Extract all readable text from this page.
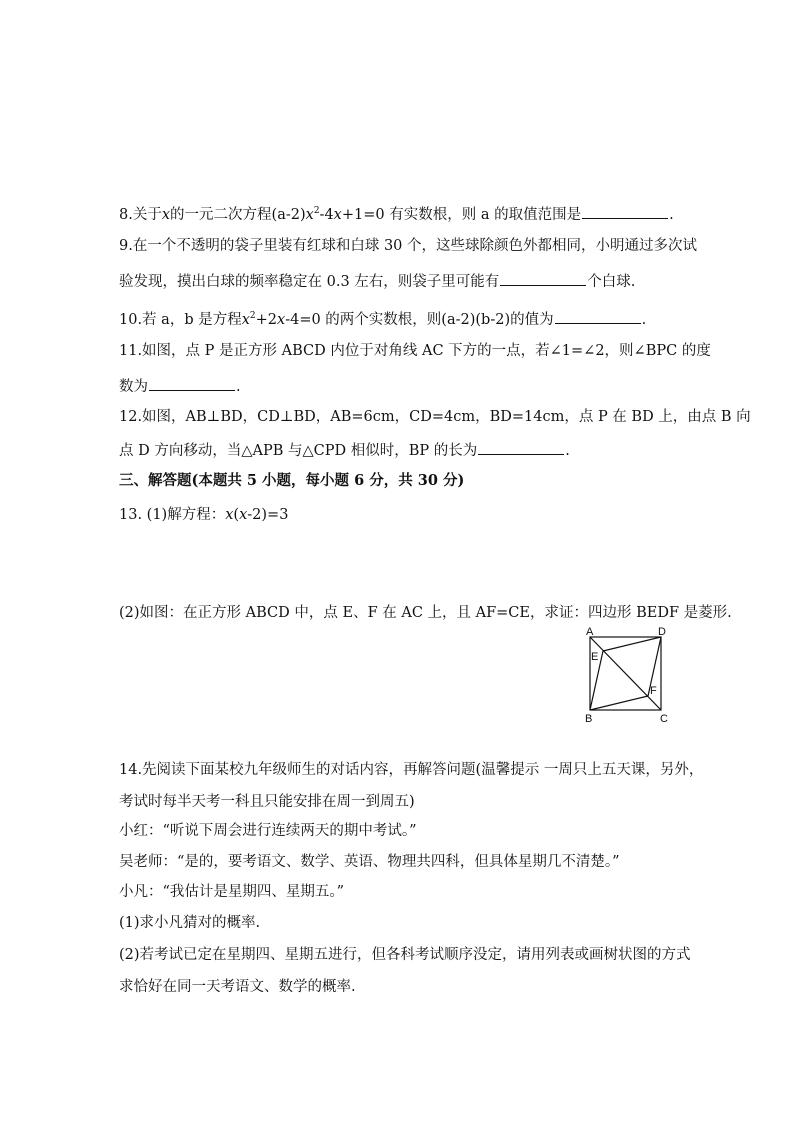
8.关于x的一元二次方程$(a-2)x^2-4x+1=0$ 有实数根，则 a 的取值范围是	.
9.在一个不透明的袋子里装有红球和白球 30 个，这些球除颜色外都相同，小明通过多次试
验发现，摸出白球的频率稳定在 0.3 左右，则袋子里可能有	个白球.
10.若 a，b 是方程$x^2+2x-4=0$ 的两个实数根，则(a-2)(b-2)的值为	.
11.如图，点 P 是正方形 ABCD 内位于对角线 AC 下方的一点，若∠1=∠2，则∠BPC 的度
数为	.
12.如图，AB⊥BD，CD⊥BD，AB=6cm，CD=4cm，BD=14cm，点 P 在 BD 上，由点 B 向
点 D 方向移动，当△APB 与△CPD 相似时，BP 的长为	.
三、解答题(本题共 5 小题，每小题 6 分，共 30 分)
13. (1)解方程：x(x-2)=3
(2)如图：在正方形 ABCD 中，点 E、F 在 AC 上，且 AF=CE，求证：四边形 BEDF 是菱形.
A	D
E
F
B	C
14.先阅读下面某校九年级师生的对话内容，再解答问题(温馨提示 一周只上五天课，另外，
考试时每半天考一科且只能安排在周一到周五)
小红：“听说下周会进行连续两天的期中考试。”
吴老师：“是的，要考语文、数学、英语、物理共四科，但具体星期几不清楚。”
小凡：“我估计是星期四、星期五。”
(1)求小凡猜对的概率.
(2)若考试已定在星期四、星期五进行，但各科考试顺序没定，请用列表或画树状图的方式
求恰好在同一天考语文、数学的概率.
